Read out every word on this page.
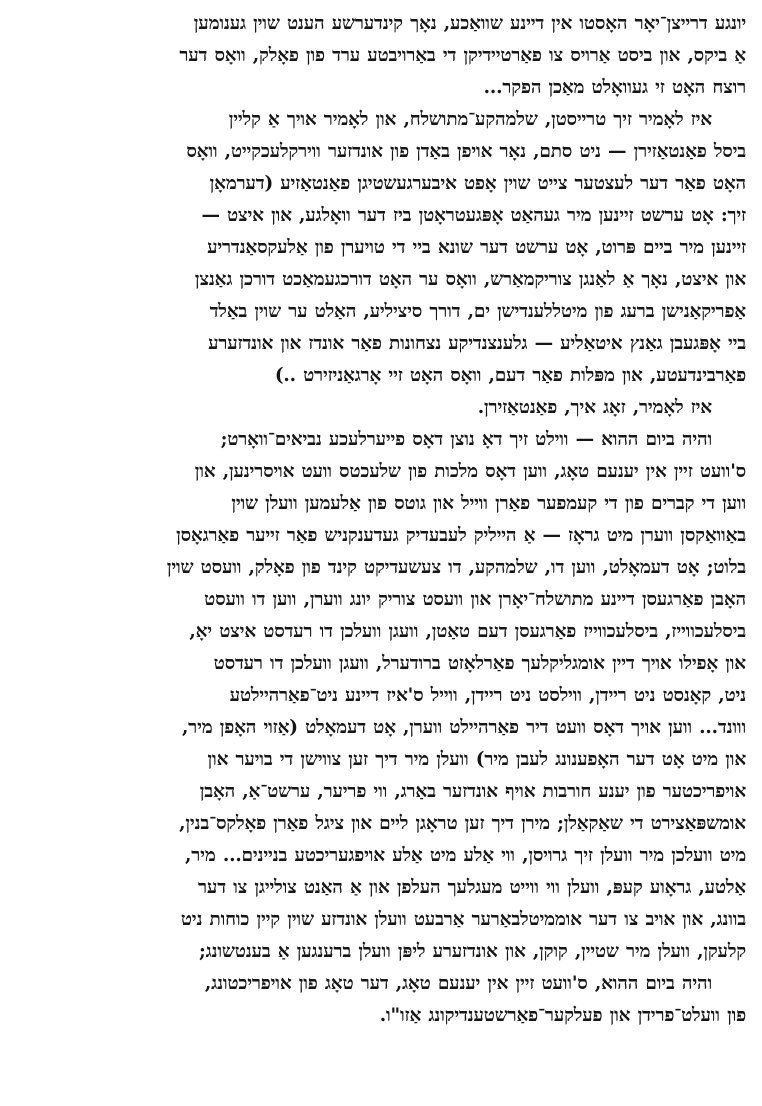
יונגע דרייצן־יאָר האָסטו אין דיינע שוואַכע, נאָך קינדערשע הענט שוין גענומען
אַ ביקס, און ביסט אַרויס צו פאַרטיידיקן די באַרויבטע ערד פון פאָלק, וואָס דער
רוצח האָט זי געוואָלט מאַכן הפקר...

איז לאָמיר זיך טרייסטן, שלמהקע־מתושלח, און לאָמיר אויך אַ קליין
ביסל פאַנטאַזירן — ניט סתם, נאָר אויפן באַדן פון אונדזער ווירקלעכקייט, וואָס
האָט פאַר דער לעצטער צייט שוין אָפט איבערגעשטיגן פאַנטאַזיע (דערמאָן
זיך: אָט ערשט זיינען מיר געהאַט אָפּגעטראָטן ביז דער וואָלגע, און איצט —
זיינען מיר ביים פּרוט, אָט ערשט דער שונא ביי די טויערן פון אַלעקסאַנדריע
און איצט, נאָך אַ לאַנגן צוריקמאַרש, וואָס ער האָט דורכגעמאַכט דורכן גאַנצן
אַפריקאַנישן ברעג פון מיטללענדישן ים, דורך סיציליע, האַלט ער שוין באַלד
ביי אָפּגעבן גאַנץ איטאַליע — גלענצנדיקע נצחונות פאַר אונדז און אונדזערע
פאַרבינדעטע, און מפּלות פאַר דעם, וואָס האָט זיי אָרגאַניזירט ..)

איז לאָמיר, זאָג איך, פאַנטאַזירן.

והיה ביום ההוא — ווילט זיך דאָ נוצן דאָס פייערלעכע נביאים־וואָרט;
ס'וועט זיין אין יענעם טאָג, ווען דאָס מלכות פון שלעכטס וועט אויסרינען, און
ווען די קברים פון די קעמפער פאַרן ווייל און גוטס פון אַלעמען וועלן שוין
באַוואַקסן ווערן מיט גראָז — אַ הייליק לעבעדיק געדענקניש פאַר זייער פאַרגאָסן
בלוט; אָט דעמאָלט, ווען דו, שלמהקע, דו צעשעדיקט קינד פון פאָלק, וועסט שוין
האָבן פאַרגעסן דיינע מתושלח־יאָרן און וועסט צוריק יונג ווערן, ווען דו וועסט
ביסלעכווייז, ביסלעכווייז פאַרגעסן דעם טאַטן, וועגן וועלכן דו רעדסט איצט יאָ,
און אָפילו אויך דיין אומגליקלעך פאַרלאָזט ברודערל, וועגן וועלכן דו רעדסט
ניט, קאָנסט ניט ריידן, ווילסט ניט ריידן, ווייל ס'איז דיינע ניט־פאַרהיילטע
ווונד... ווען אויך דאָס וועט דיר פאַרהיילט ווערן, אָט דעמאָלט (אַזוי האָפן מיר,
און מיט אָט דער האָפענונג לעבן מיר) וועלן מיר דיך זען צווישן די בויער און
אויפריכטער פון יענע חורבות אויף אונדזער באַרג, ווי פריער, ערשט־אַ, האָבן
אומשפּאַצירט די שאַקאַלן; מירן דיך זען טראָגן ליים און ציגל פאַרן פאָלקס־בנין,
מיט וועלכן מיר וועלן זיך גרויסן, ווי אַלע מיט אַלע אויפגעריכטע בניינים... מיר,
אַלטע, גראָוע קעפּ, וועלן ווי ווייט מעגלעך העלפן און אַ האַנט צולייגן צו דער
בוונג, און אויב צו דער אוממיטלבאַרער אַרבעט וועלן אונדזע שוין קיין כוחות ניט
קלעקן, וועלן מיר שטיין, קוקן, און אונדזערע ליפּן וועלן ברענגען אַ בענטשונג;

והיה ביום ההוא, ס'וועט זיין אין יענעם טאָג, דער טאָג פון אויפריכטונג,
פון וועלט־פרידן און פעלקער־פאַרשטענדיקונג אַזו"ו.
